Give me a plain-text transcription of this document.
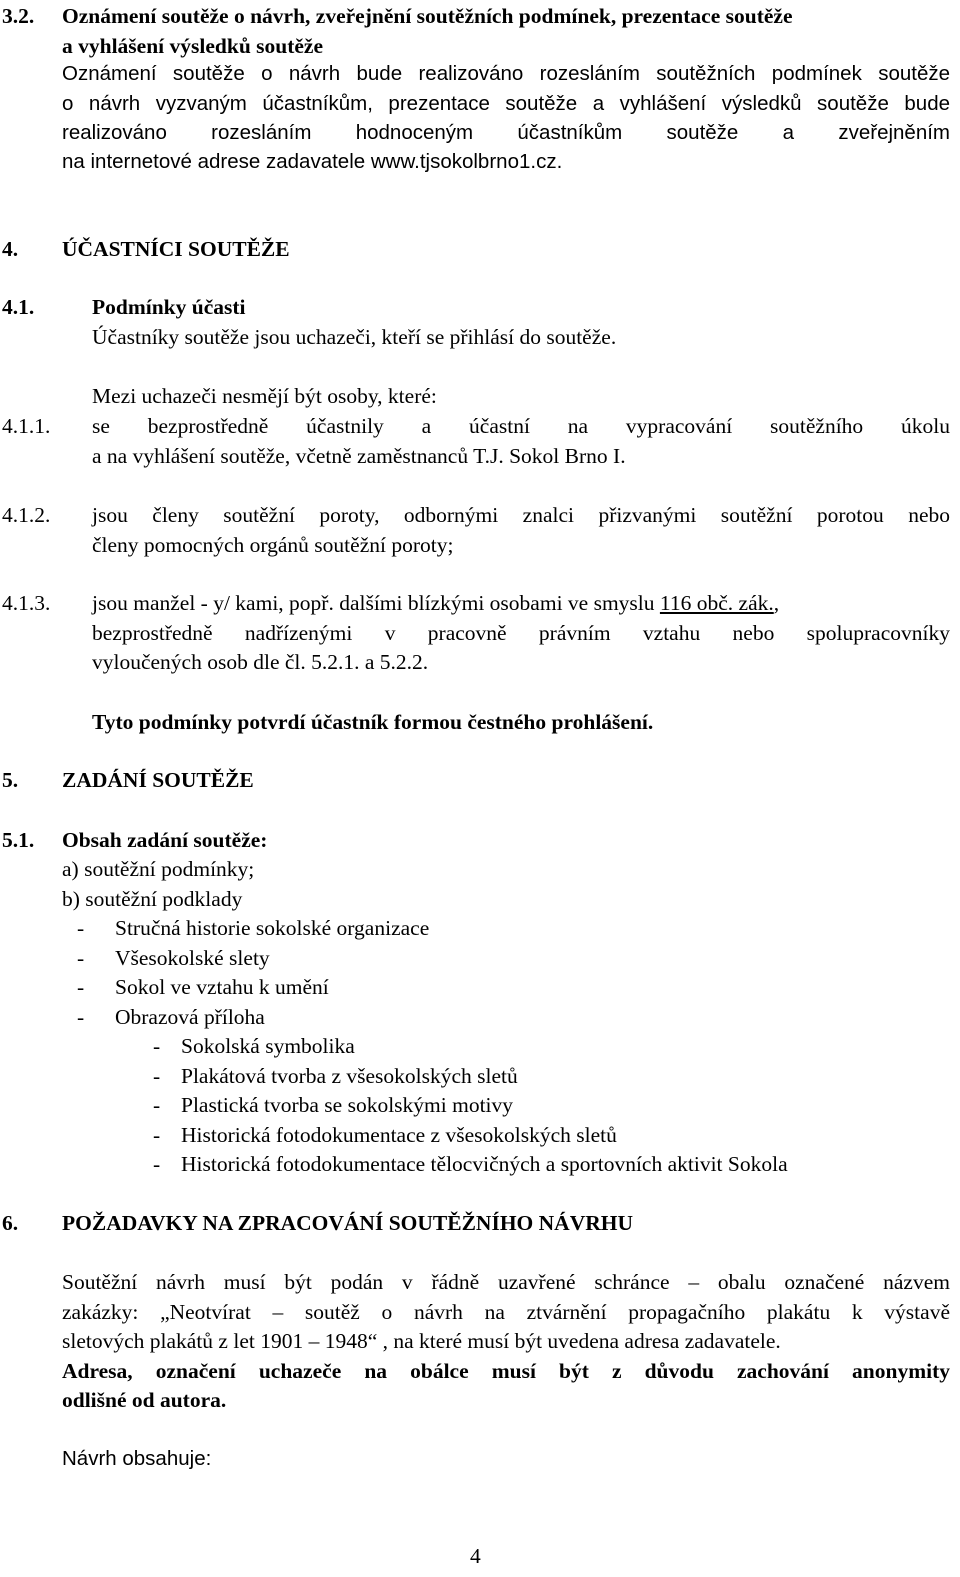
3.2. Oznámení soutěže o návrh, zveřejnění soutěžních podmínek, prezentace soutěže
a vyhlášení výsledků soutěže
Oznámení soutěže o návrh bude realizováno rozesláním soutěžních podmínek soutěže
o návrh vyzvaným účastníkům, prezentace soutěže a vyhlášení výsledků soutěže bude
realizováno rozesláním hodnoceným účastníkům soutěže a zveřejněním
na internetové adrese zadavatele www.tjsokolbrno1.cz.
4. ÚČASTNÍCI SOUTĚŽE
4.1.	Podmínky účasti
Účastníky soutěže jsou uchazeči, kteří se přihlásí do soutěže.
Mezi uchazeči nesmějí být osoby, které:
4.1.1. se bezprostředně účastnily a účastní na vypracování soutěžního úkolu
a na vyhlášení soutěže, včetně zaměstnanců T.J. Sokol Brno I.
4.1.2. jsou členy soutěžní poroty, odbornými znalci přizvanými soutěžní porotou nebo
členy pomocných orgánů soutěžní poroty;
4.1.3. jsou manžel - y/ kami, popř. dalšími blízkými osobami ve smyslu 116 obč. zák.,
bezprostředně nadřízenými v pracovně právním vztahu nebo spolupracovníky
vyloučených osob dle čl. 5.2.1. a 5.2.2.
Tyto podmínky potvrdí účastník formou čestného prohlášení.
5. ZADÁNÍ SOUTĚŽE
5.1. Obsah zadání soutěže:
a) soutěžní podmínky;
b) soutěžní podklady
- Stručná historie sokolské organizace
- Všesokolské slety
- Sokol ve vztahu k umění
- Obrazová příloha
- Sokolská symbolika
- Plakátová tvorba z všesokolských sletů
- Plastická tvorba se sokolskými motivy
- Historická fotodokumentace z všesokolských sletů
- Historická fotodokumentace tělocvičných a sportovních aktivit Sokola
6. POŽADAVKY NA ZPRACOVÁNÍ SOUTĚŽNÍHO NÁVRHU
Soutěžní návrh musí být podán v řádně uzavřené schránce – obalu označené názvem
zakázky: „Neotvírat – soutěž o návrh na ztvárnění propagačního plakátu k výstavě
sletových plakátů z let 1901 – 1948“ , na které musí být uvedena adresa zadavatele.
Adresa, označení uchazeče na obálce musí být z důvodu zachování anonymity
odlišné od autora.
Návrh obsahuje:
4
